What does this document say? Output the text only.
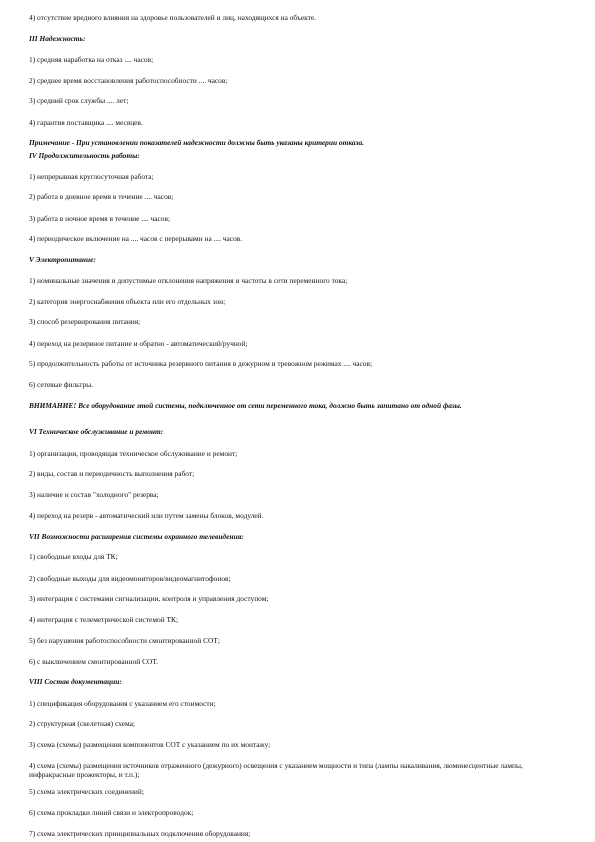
4) отсутствие вредного влияния на здоровье пользователей и лиц, находящихся на объекте.
III Надежность:
1) средняя наработка на отказ .... часов;
2) среднее время восстановления работоспособности .... часов;
3) средний срок службы .... лет;
4) гарантия поставщика .... месяцев.
Примечание - При установлении показателей надежности должны быть указаны критерии отказа.
IV Продолжительность работы:
1) непрерывная круглосуточная работа;
2) работа в дневное время в течение .... часов;
3) работа в ночное время в течение .... часов;
4) периодическое включение на .... часов с перерывами на .... часов.
V Электропитание:
1) номинальные значения и допустимые отклонения напряжения и частоты в сети переменного тока;
2) категория энергоснабжения объекта или его отдельных зон;
3) способ резервирования питания;
4) переход на резервное питание и обратно - автоматический/ручной;
5) продолжительность работы от источника резервного питания в дежурном и тревожном режимах .... часов;
6) сетевые фильтры.
ВНИМАНИЕ! Все оборудование этой системы, подключенное от сети переменного тока, должно быть запитано от одной фазы.
VI Техническое обслуживание и ремонт:
1) организация, проводящая техническое обслуживание и ремонт;
2) виды, состав и периодичность выполнения работ;
3) наличие и состав "холодного" резерва;
4) переход на резерв - автоматический или путем замены блоков, модулей.
VII Возможности расширения системы охранного телевидения:
1) свободные входы для ТК;
2) свободные выходы для видеомониторов/видеомагнитофонов;
3) интеграция с системами сигнализации, контроля и управления доступом;
4) интеграция с телеметрической системой ТК;
5) без нарушения работоспособности смонтированной СОТ;
6) с выключением смонтированной СОТ.
VIII Состав документации:
1) спецификация оборудования с указанием его стоимости;
2) структурная (скелетная) схема;
3) схема (схемы) размещения компонентов СОТ с указанием по их монтажу;
4) схема (схемы) размещения источников отраженного (дежурного) освещения с указанием мощности и типа (лампы накаливания, люминесцентные лампы, инфракрасные прожекторы, и т.п.);
5) схема электрических соединений;
6) схема прокладки линий связи и электропроводок;
7) схема электрических принципиальных подключения оборудования;
